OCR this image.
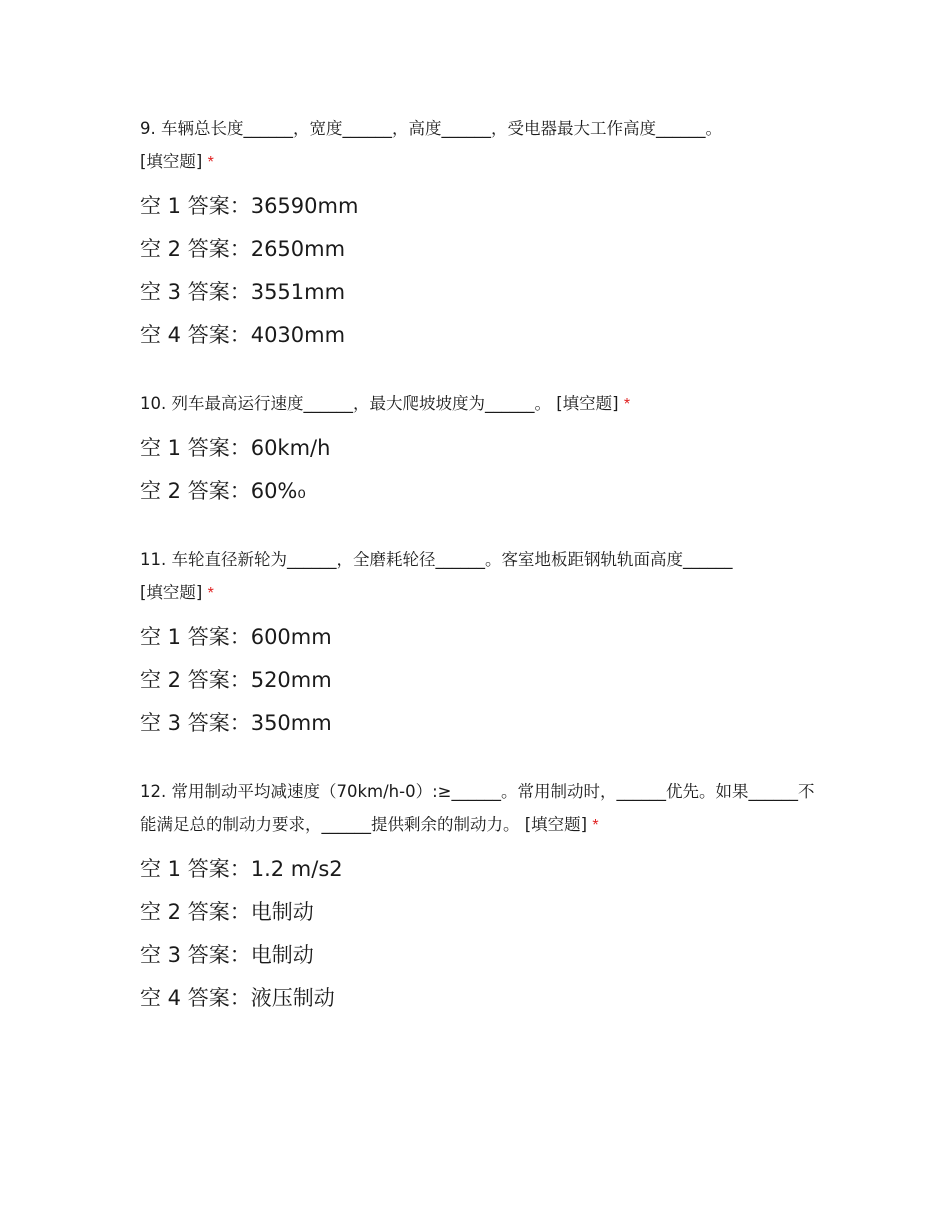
9. 车辆总长度______，宽度______，高度______，受电器最大工作高度______。
[填空题] *
空 1 答案：36590mm
空 2 答案：2650mm
空 3 答案：3551mm
空 4 答案：4030mm
10. 列车最高运行速度______，最大爬坡坡度为______。 [填空题] *
空 1 答案：60km/h
空 2 答案：60%₀
11. 车轮直径新轮为______，全磨耗轮径______。客室地板距钢轨轨面高度______
[填空题] *
空 1 答案：600mm
空 2 答案：520mm
空 3 答案：350mm
12. 常用制动平均减速度（70km/h-0）:≥______。常用制动时，______优先。如果______不能满足总的制动力要求，______提供剩余的制动力。 [填空题] *
空 1 答案：1.2 m/s2
空 2 答案：电制动
空 3 答案：电制动
空 4 答案：液压制动
